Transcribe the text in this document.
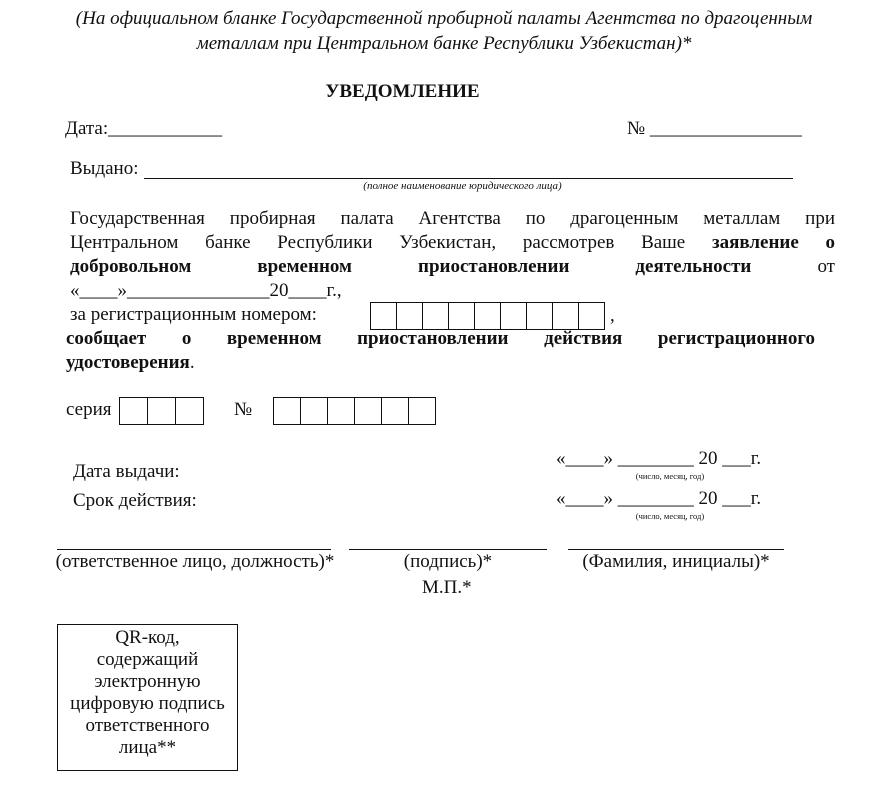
(На официальном бланке Государственной пробирной палаты Агентства по драгоценным
металлам при Центральном банке Республики Узбекистан)*
УВЕДОМЛЕНИЕ
Дата:____________	№ ________________
Выдано:
(полное наименование юридического лица)
Государственная пробирная палата Агентства по драгоценным металлам при
Центральном банке Республики Узбекистан, рассмотрев Ваше заявление о
добровольном временном приостановлении деятельности	от
«____»_______________20____г.,
за регистрационным номером:	,
сообщает о временном приостановлении действия регистрационного
удостоверения.
серия	№
Дата выдачи:
«____» ________ 20 ___г.
(число, месяц, год)
Срок действия:	«____» ________ 20 ___г.
(число, месяц, год)
(ответственное лицо, должность)*	(подпись)*	(Фамилия, инициалы)*
М.П.*
QR-код,
содержащий
электронную
цифровую подпись
ответственного
лица**
